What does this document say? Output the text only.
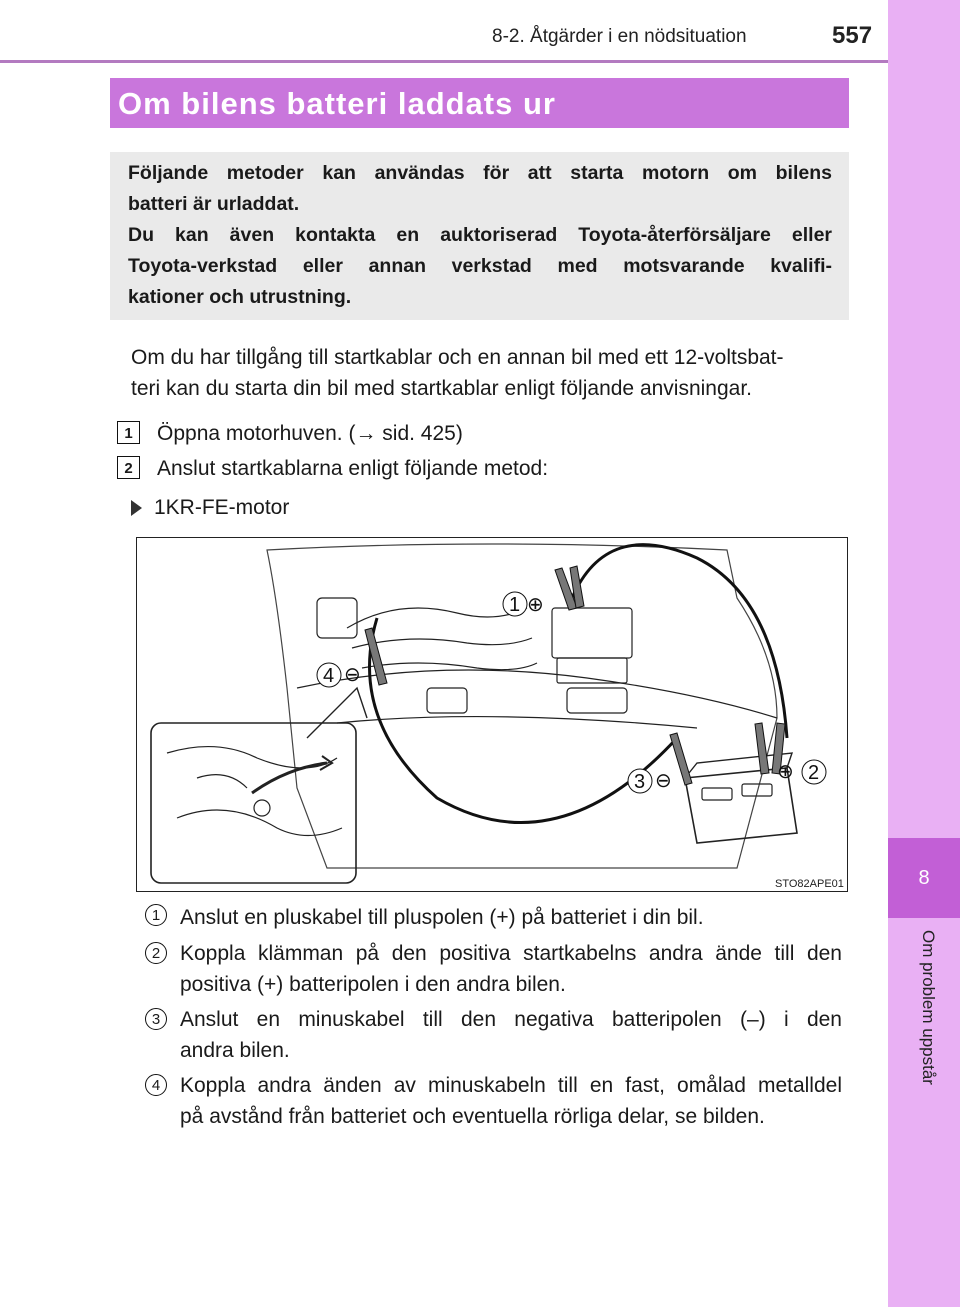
8-2. Åtgärder i en nödsituation	557
8
Om problem uppstår
Om bilens batteri laddats ur

Följande metoder kan användas för att starta motorn om bilens

batteri är urladdat.

Du kan även kontakta en auktoriserad Toyota-återförsäljare eller

Toyota-verkstad eller annan verkstad med motsvarande kvalifi-

kationer och utrustning.

Om du har tillgång till startkablar och en annan bil med ett 12-voltsbat-
teri kan du starta din bil med startkablar enligt följande anvisningar.
1	Öppna motorhuven. (→ sid. 425)
2	Anslut startkablarna enligt följande metod:
1KR-FE-motor
1 ⊕
4 ⊖
3 ⊖	2
⊕
STO82APE01
1 Anslut en pluskabel till pluspolen (+) på batteriet i din bil.
2 Koppla klämman på den positiva startkabelns andra ände till den
positiva (+) batteripolen i den andra bilen.
3 Anslut en minuskabel till den negativa batteripolen (–) i den
andra bilen.
4 Koppla andra änden av minuskabeln till en fast, omålad metalldel
på avstånd från batteriet och eventuella rörliga delar, se bilden.
